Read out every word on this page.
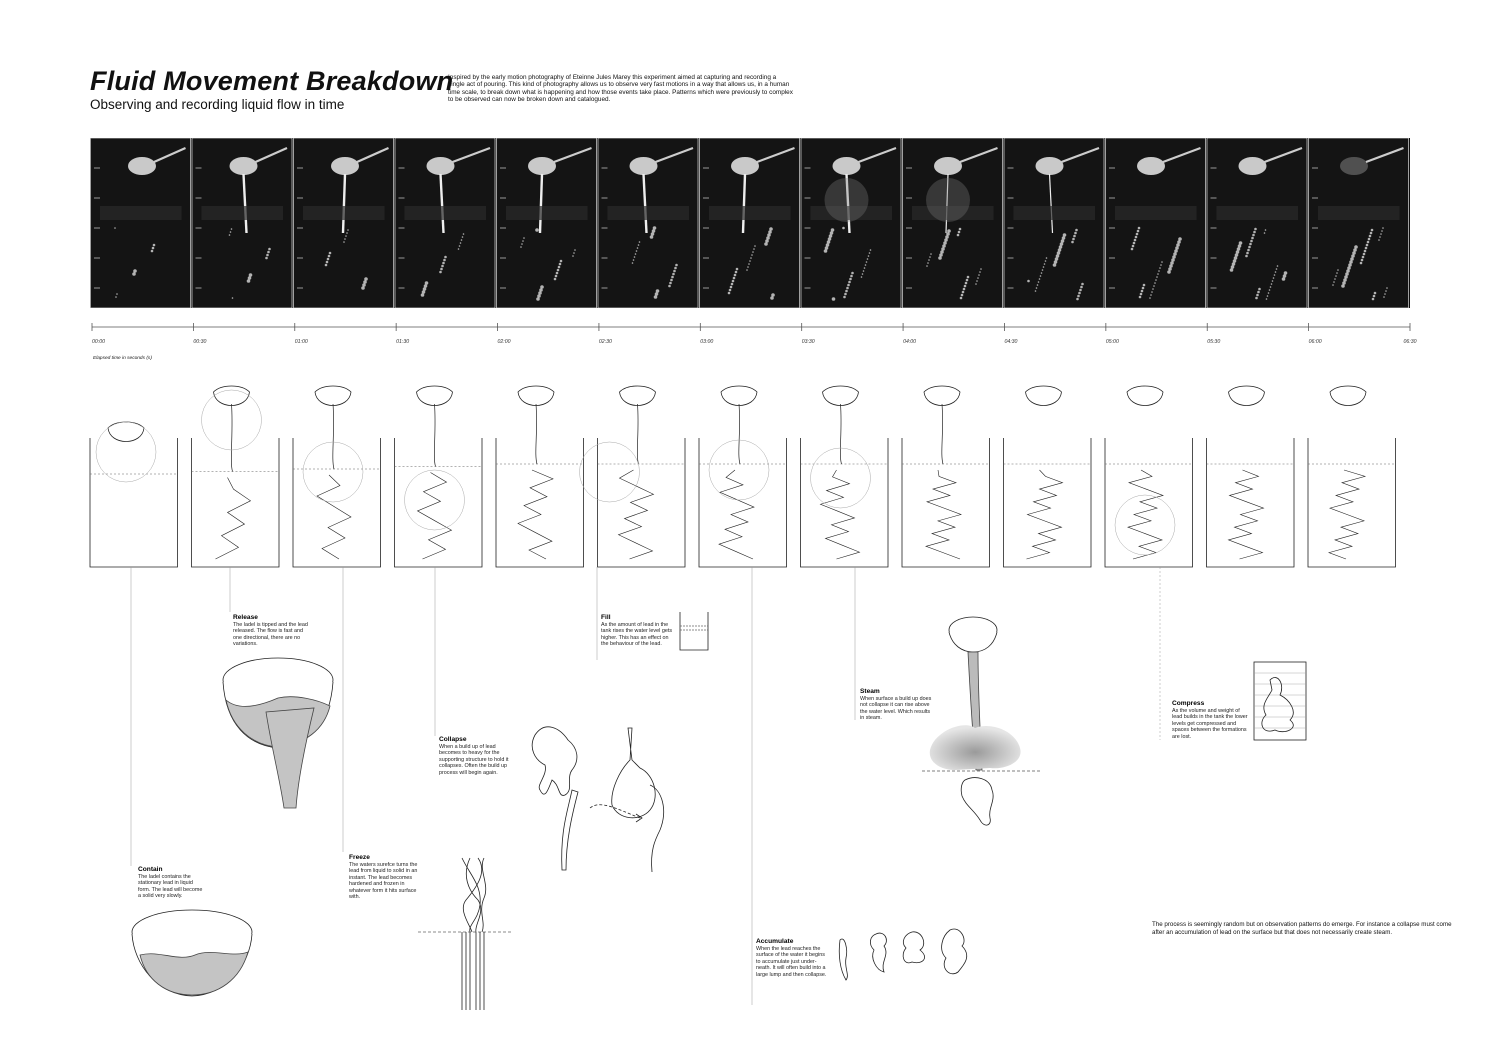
Fluid Movement Breakdown
Observing and recording liquid flow in time
Inspired by the early motion photography of Eteinne Jules Marey this experiment aimed at capturing and recording a single act of pouring. This kind of photography allows us to observe very fast motions in a way that allows us, in a human time scale, to break down what is happening and how those events take place. Patterns which were previously to complex to be observed can now be broken down and catalogued.
00:00	00:30	01:00	01:30	02:00	02:30	03:00	03:30	04:00	04:30	05:00	05:30	06:00	06:30
Elapsed time in seconds (s)
Release
The ladel is tipped and the lead released. The flow is fast and one directional, there are no variations.
Contain
The ladel contains the stationary lead in liquid form. The lead will become a solid very slowly.
Collapse
When a build up of lead becomes to heavy for the supporting structure to hold it collapses. Often the build up process will begin again.
Freeze
The waters surefce turns the lead from liquid to solid in an instant. The lead becomes hardened and frozen in whatever form it hits surface with.
Fill
As the amount of lead in the tank rises the water level gets higher. This has an effect on the behaviour of the lead.
Accumulate
When the lead reaches the surface of the water it begins to accumulate just under- neath. It will often build into a large lump and then collapse.
Steam
When surface a build up does not collapse it can rise above the water level. Which results in steam.
Compress
As the volume and weight of lead builds in the tank the lower levels get compressed and spaces between the formations are lost.
The process is seemingly random but on observation patterns do emerge. For instance a collapse must come after an accumulation of lead on the surface but that does not necessarily create steam.
